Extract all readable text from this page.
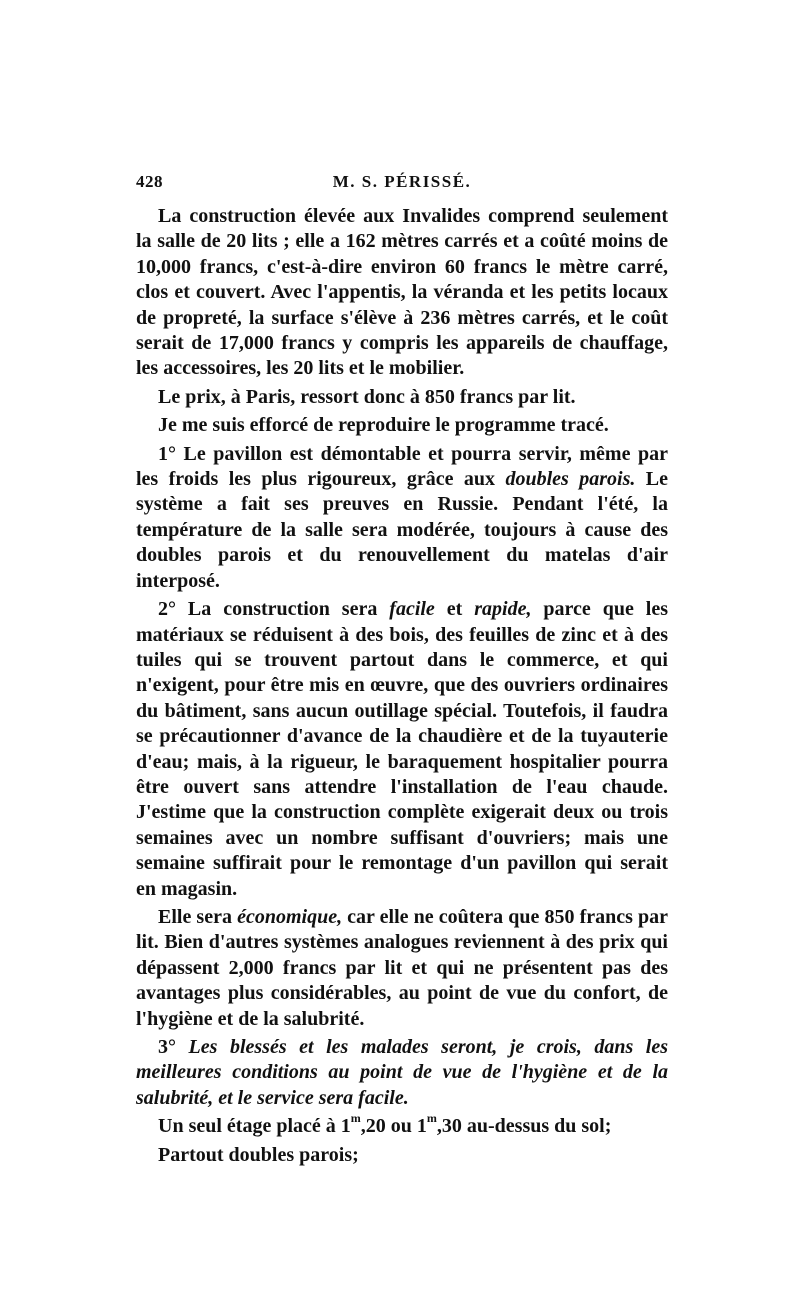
428	M. S. PÉRISSÉ.

La construction élevée aux Invalides comprend seulement la salle de 20 lits ; elle a 162 mètres carrés et a coûté moins de 10,000 francs, c'est-à-dire environ 60 francs le mètre carré, clos et couvert. Avec l'appentis, la véranda et les petits locaux de propreté, la surface s'élève à 236 mètres carrés, et le coût serait de 17,000 francs y compris les appareils de chauffage, les accessoires, les 20 lits et le mobilier.

Le prix, à Paris, ressort donc à 850 francs par lit.

Je me suis efforcé de reproduire le programme tracé.

1° Le pavillon est démontable et pourra servir, même par les froids les plus rigoureux, grâce aux doubles parois. Le système a fait ses preuves en Russie. Pendant l'été, la température de la salle sera modérée, toujours à cause des doubles parois et du renouvellement du matelas d'air interposé.

2° La construction sera facile et rapide, parce que les matériaux se réduisent à des bois, des feuilles de zinc et à des tuiles qui se trouvent partout dans le commerce, et qui n'exigent, pour être mis en œuvre, que des ouvriers ordinaires du bâtiment, sans aucun outillage spécial. Toutefois, il faudra se précautionner d'avance de la chaudière et de la tuyauterie d'eau; mais, à la rigueur, le baraquement hospitalier pourra être ouvert sans attendre l'installation de l'eau chaude. J'estime que la construction complète exigerait deux ou trois semaines avec un nombre suffisant d'ouvriers; mais une semaine suffirait pour le remontage d'un pavillon qui serait en magasin.

Elle sera économique, car elle ne coûtera que 850 francs par lit. Bien d'autres systèmes analogues reviennent à des prix qui dépassent 2,000 francs par lit et qui ne présentent pas des avantages plus considérables, au point de vue du confort, de l'hygiène et de la salubrité.

3° Les blessés et les malades seront, je crois, dans les meilleures conditions au point de vue de l'hygiène et de la salubrité, et le service sera facile.

Un seul étage placé à 1$^m$,20 ou 1$^m$,30 au-dessus du sol;

Partout doubles parois;
